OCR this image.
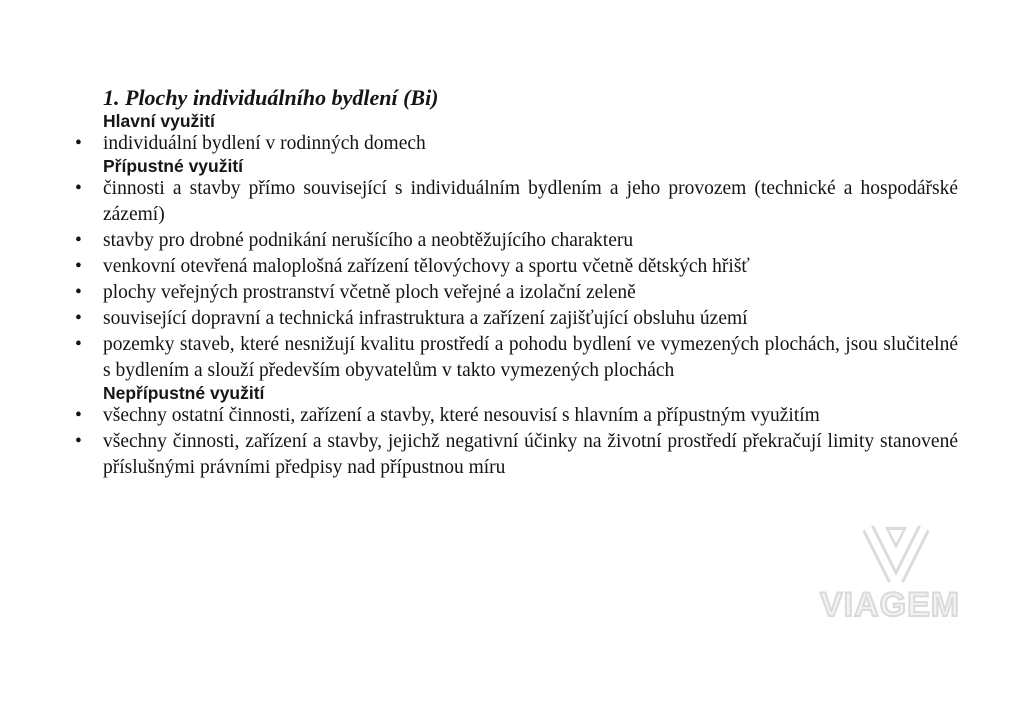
1. Plochy individuálního bydlení (Bi)
Hlavní využití
• individuální bydlení v rodinných domech
Přípustné využití
• činnosti a stavby přímo související s individuálním bydlením a jeho provozem (technické a hospodářské zázemí)
• stavby pro drobné podnikání nerušícího a neobtěžujícího charakteru
• venkovní otevřená maloplošná zařízení tělovýchovy a sportu včetně dětských hřišť
• plochy veřejných prostranství včetně ploch veřejné a izolační zeleně
• související dopravní a technická infrastruktura a zařízení zajišťující obsluhu území
• pozemky staveb, které nesnižují kvalitu prostředí a pohodu bydlení ve vymezených plochách, jsou slučitelné s bydlením a slouží především obyvatelům v takto vymezených plochách
Nepřípustné využití
• všechny ostatní činnosti, zařízení a stavby, které nesouvisí s hlavním a přípustným využitím
• všechny činnosti, zařízení a stavby, jejichž negativní účinky na životní prostředí překračují limity stanovené příslušnými právními předpisy nad přípustnou míru
VIAGEM
